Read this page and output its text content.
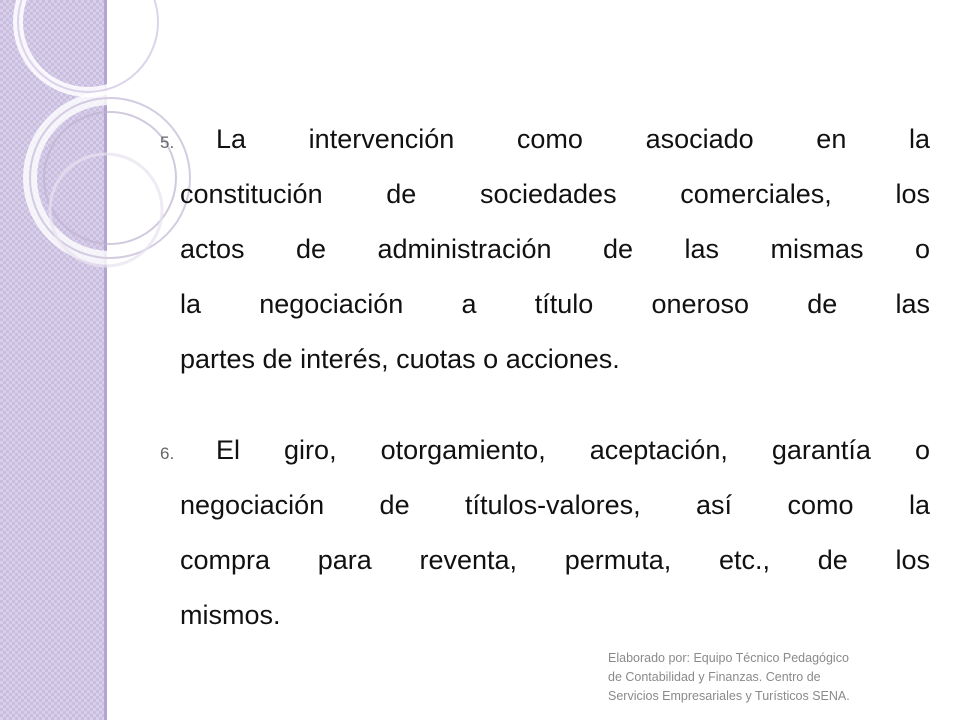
5.	La intervención como asociado en la
constitución de sociedades comerciales, los
actos de administración de las mismas o
la negociación a título oneroso de las
partes de interés, cuotas o acciones.
6.	El giro, otorgamiento, aceptación, garantía o
negociación de títulos-valores, así como la
compra para reventa, permuta, etc., de los
mismos.
Elaborado por: Equipo Técnico Pedagógico
de Contabilidad y Finanzas. Centro de
Servicios Empresariales y Turísticos SENA.
